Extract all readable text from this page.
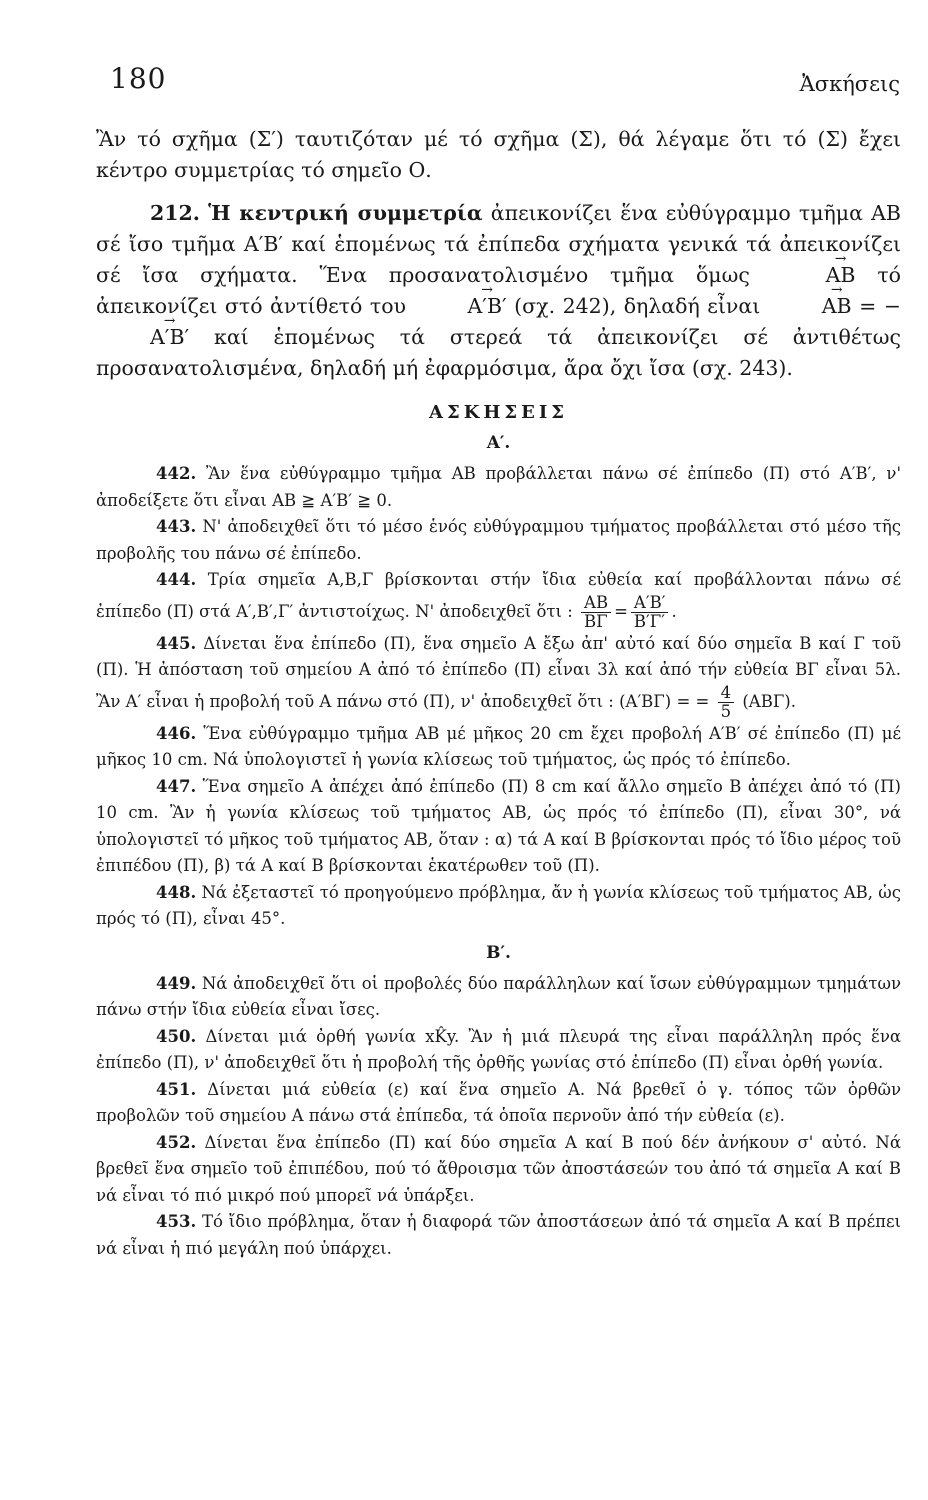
180	Ἀσκήσεις

Ἂν τό σχῆμα (Σ′) ταυτιζόταν μέ τό σχῆμα (Σ), θά λέγαμε ὅτι τό (Σ) ἔχει κέντρο συμμετρίας τό σημεῖο Ο.

212. Ἡ κεντρική συμμετρία ἀπεικονίζει ἕνα εὐθύγραμμο τμῆμα ΑΒ σέ ἴσο τμῆμα Α′Β′ καί ἑπομένως τά ἐπίπεδα σχήματα γενικά τά ἀπεικονίζει σέ ἴσα σχήματα. Ἕνα προσανατολισμένο τμῆμα ὅμως	→ ΑΒ τό ἀπεικονίζει στό ἀντίθετό του	→ Α′Β′ (σχ. 242), δηλαδή εἶναι	→ ΑΒ = − → Α′Β′ καί ἑπομένως τά στερεά τά ἀπεικονίζει σέ ἀντιθέτως προσανατολισμένα, δηλαδή μή ἐφαρμόσιμα, ἄρα ὄχι ἴσα (σχ. 243).

ΑΣΚΗΣΕΙΣ
Α′.

442. Ἂν ἕνα εὐθύγραμμο τμῆμα ΑΒ προβάλλεται πάνω σέ ἐπίπεδο (Π) στό Α′Β′, ν' ἀποδείξετε ὅτι εἶναι ΑΒ ≧ Α′Β′ ≧ 0.

443. Ν' ἀποδειχθεῖ ὅτι τό μέσο ἑνός εὐθύγραμμου τμήματος προβάλλεται στό μέσο τῆς προβολῆς του πάνω σέ ἐπίπεδο.

444. Τρία σημεῖα Α,Β,Γ βρίσκονται στήν ἴδια εὐθεία καί προβάλλονται πάνω σέ ἐπίπεδο (Π) στά Α′,Β′,Γ′ ἀντιστοίχως. Ν' ἀποδειχθεῖ ὅτι : $\frac{AB}{B\Gamma} = \frac{A'B'}{B'\Gamma'}$ .

445. Δίνεται ἕνα ἐπίπεδο (Π), ἕνα σημεῖο Α ἔξω ἀπ' αὐτό καί δύο σημεῖα Β καί Γ τοῦ (Π). Ἡ ἀπόσταση τοῦ σημείου Α ἀπό τό ἐπίπεδο (Π) εἶναι 3λ καί ἀπό τήν εὐθεία ΒΓ εἶναι 5λ. Ἂν Α′ εἶναι ἡ προβολή τοῦ Α πάνω στό (Π), ν' ἀποδειχθεῖ ὅτι : (Α′ΒΓ) = = $\frac{4}{5} (AB\Gamma)$.

446. Ἕνα εὐθύγραμμο τμῆμα ΑΒ μέ μῆκος 20 cm ἔχει προβολή Α′Β′ σέ ἐπίπεδο (Π) μέ μῆκος 10 cm. Νά ὑπολογιστεῖ ἡ γωνία κλίσεως τοῦ τμήματος, ὡς πρός τό ἐπίπεδο.

447. Ἕνα σημεῖο Α ἀπέχει ἀπό ἐπίπεδο (Π) 8 cm καί ἄλλο σημεῖο Β ἀπέχει ἀπό τό (Π) 10 cm. Ἂν ἡ γωνία κλίσεως τοῦ τμήματος ΑΒ, ὡς πρός τό ἐπίπεδο (Π), εἶναι 30°, νά ὑπολογιστεῖ τό μῆκος τοῦ τμήματος ΑΒ, ὅταν : α) τά Α καί Β βρίσκονται πρός τό ἴδιο μέρος τοῦ ἐπιπέδου (Π), β) τά Α καί Β βρίσκονται ἑκατέρωθεν τοῦ (Π).

448. Νά ἐξεταστεῖ τό προηγούμενο πρόβλημα, ἄν ἡ γωνία κλίσεως τοῦ τμήματος ΑΒ, ὡς πρός τό (Π), εἶναι 45°.

Β′.

449. Νά ἀποδειχθεῖ ὅτι οἱ προβολές δύο παράλληλων καί ἴσων εὐθύγραμμων τμημάτων πάνω στήν ἴδια εὐθεία εἶναι ἴσες.

450. Δίνεται μιά ὀρθή γωνία xK̂y. Ἂν ἡ μιά πλευρά της εἶναι παράλληλη πρός ἕνα ἐπίπεδο (Π), ν' ἀποδειχθεῖ ὅτι ἡ προβολή τῆς ὀρθῆς γωνίας στό ἐπίπεδο (Π) εἶναι ὀρθή γωνία.

451. Δίνεται μιά εὐθεία (ε) καί ἕνα σημεῖο Α. Νά βρεθεῖ ὁ γ. τόπος τῶν ὀρθῶν προβολῶν τοῦ σημείου Α πάνω στά ἐπίπεδα, τά ὁποῖα περνοῦν ἀπό τήν εὐθεία (ε).

452. Δίνεται ἕνα ἐπίπεδο (Π) καί δύο σημεῖα Α καί Β πού δέν ἀνήκουν σ' αὐτό. Νά βρεθεῖ ἕνα σημεῖο τοῦ ἐπιπέδου, πού τό ἄθροισμα τῶν ἀποστάσεών του ἀπό τά σημεῖα Α καί Β νά εἶναι τό πιό μικρό πού μπορεῖ νά ὑπάρξει.

453. Τό ἴδιο πρόβλημα, ὅταν ἡ διαφορά τῶν ἀποστάσεων ἀπό τά σημεῖα Α καί Β πρέπει νά εἶναι ἡ πιό μεγάλη πού ὑπάρχει.
